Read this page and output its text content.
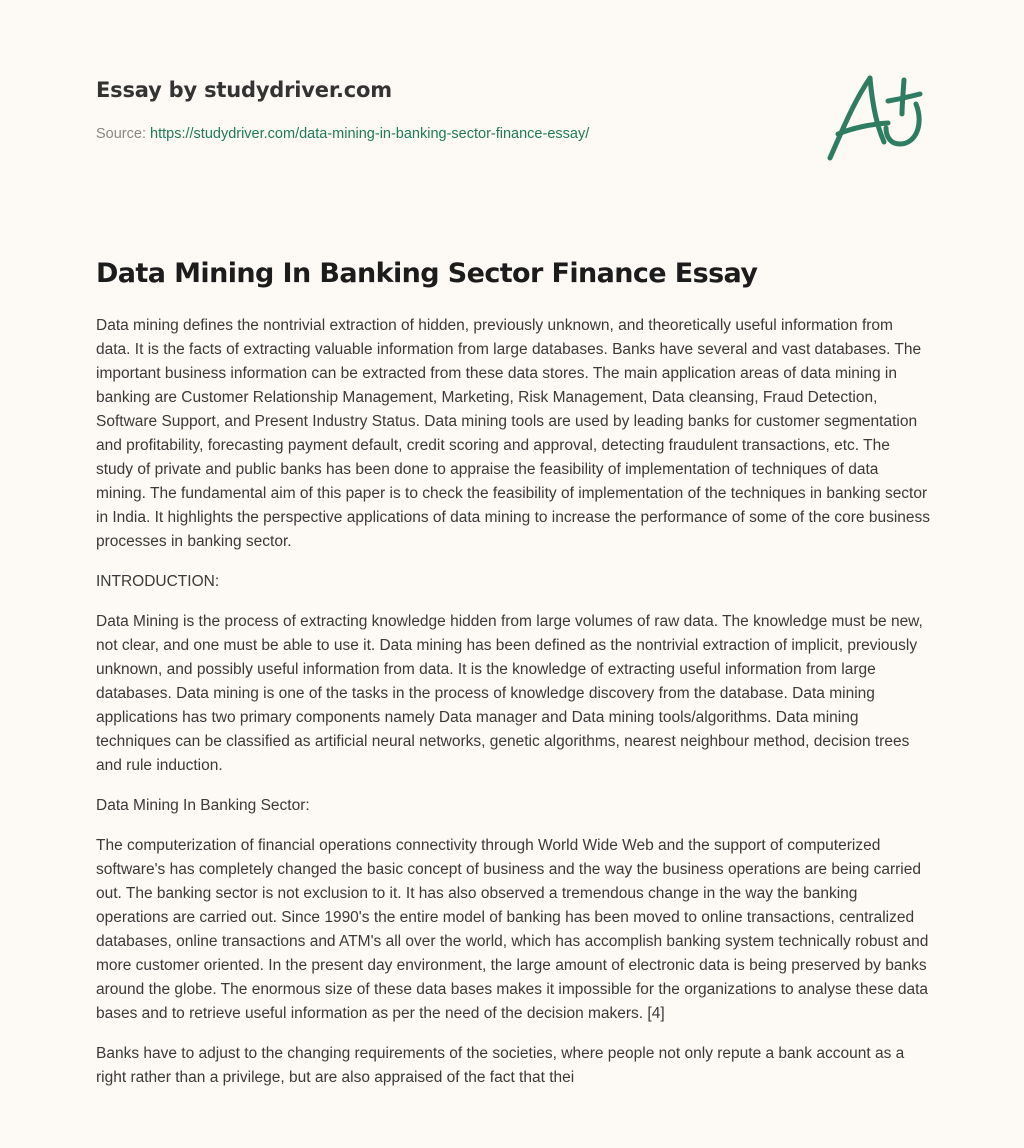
Essay by studydriver.com
Source: https://studydriver.com/data-mining-in-banking-sector-finance-essay/
Data Mining In Banking Sector Finance Essay

Data mining defines the nontrivial extraction of hidden, previously unknown, and theoretically useful information from data. It is the facts of extracting valuable information from large databases. Banks have several and vast databases. The important business information can be extracted from these data stores. The main application areas of data mining in banking are Customer Relationship Management, Marketing, Risk Management, Data cleansing, Fraud Detection, Software Support, and Present Industry Status. Data mining tools are used by leading banks for customer segmentation and profitability, forecasting payment default, credit scoring and approval, detecting fraudulent transactions, etc. The study of private and public banks has been done to appraise the feasibility of implementation of techniques of data mining. The fundamental aim of this paper is to check the feasibility of implementation of the techniques in banking sector in India. It highlights the perspective applications of data mining to increase the performance of some of the core business processes in banking sector.

INTRODUCTION:

Data Mining is the process of extracting knowledge hidden from large volumes of raw data. The knowledge must be new, not clear, and one must be able to use it. Data mining has been defined as the nontrivial extraction of implicit, previously unknown, and possibly useful information from data. It is the knowledge of extracting useful information from large databases. Data mining is one of the tasks in the process of knowledge discovery from the database. Data mining applications has two primary components namely Data manager and Data mining tools/algorithms. Data mining techniques can be classified as artificial neural networks, genetic algorithms, nearest neighbour method, decision trees and rule induction.

Data Mining In Banking Sector:

The computerization of financial operations connectivity through World Wide Web and the support of computerized software's has completely changed the basic concept of business and the way the business operations are being carried out. The banking sector is not exclusion to it. It has also observed a tremendous change in the way the banking operations are carried out. Since 1990's the entire model of banking has been moved to online transactions, centralized databases, online transactions and ATM's all over the world, which has accomplish banking system technically robust and more customer oriented. In the present day environment, the large amount of electronic data is being preserved by banks around the globe. The enormous size of these data bases makes it impossible for the organizations to analyse these data bases and to retrieve useful information as per the need of the decision makers. [4]

Banks have to adjust to the changing requirements of the societies, where people not only repute a bank account as a right rather than a privilege, but are also appraised of the fact that thei
